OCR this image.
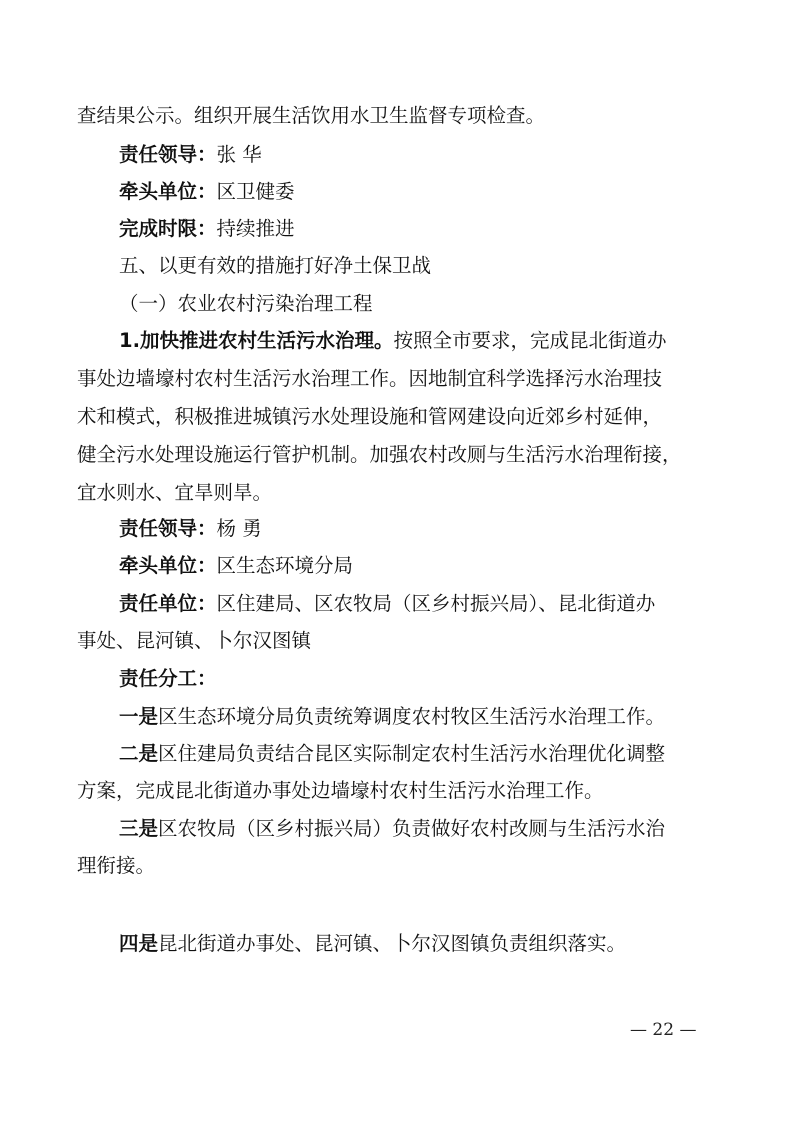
查结果公示。组织开展生活饮用水卫生监督专项检查。
责任领导：张 华
牵头单位：区卫健委
完成时限：持续推进
五、以更有效的措施打好净土保卫战
（一）农业农村污染治理工程
1.加快推进农村生活污水治理。按照全市要求，完成昆北街道办
事处边墙壕村农村生活污水治理工作。因地制宜科学选择污水治理技
术和模式，积极推进城镇污水处理设施和管网建设向近郊乡村延伸，
健全污水处理设施运行管护机制。加强农村改厕与生活污水治理衔接，
宜水则水、宜旱则旱。
责任领导：杨 勇
牵头单位：区生态环境分局
责任单位：区住建局、区农牧局（区乡村振兴局）、昆北街道办
事处、昆河镇、卜尔汉图镇
责任分工：
一是区生态环境分局负责统筹调度农村牧区生活污水治理工作。
二是区住建局负责结合昆区实际制定农村生活污水治理优化调整
方案，完成昆北街道办事处边墙壕村农村生活污水治理工作。
三是区农牧局（区乡村振兴局）负责做好农村改厕与生活污水治
理衔接。
四是昆北街道办事处、昆河镇、卜尔汉图镇负责组织落实。
— 22 —
